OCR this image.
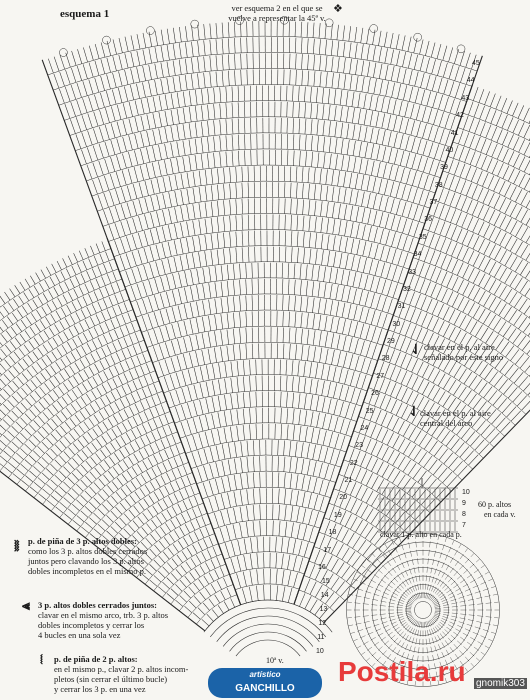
esquema 1	ver esquema 2 en el que se
vuelve a representar la 45ª v.
❖
⇃ clavar en el p. al aire
señalado por este signo
⇃ clavar en el p. al aire
central del arco
10
9
8
7
60 p. altos
en cada v.
clavar 1 p. alto en cada p.
⧚ p. de piña de 3 p. altos dobles:
como los 3 p. altos dobles cerrados
juntos pero clavando los 3 p. altos
dobles incompletos en el mismo p.
⫷ 3 p. altos dobles cerrados juntos:
clavar en el mismo arco, trb. 3 p. altos
dobles incompletos y cerrar los
4 bucles en una sola vez
⧙ p. de piña de 2 p. altos:
en el mismo p., clavar 2 p. altos incom-
pletos (sin cerrar el último bucle)
y cerrar los 3 p. en una vez
10ª v.
artístico
GANCHILLO
Postila.ru gnomik303
45
44
43
42
41
40
39
38
37
36
35
34
33
32
31
30
29
28
27
26
25
24
23
22
21
20
19
18
17
16
15
14
13
12
11
10
